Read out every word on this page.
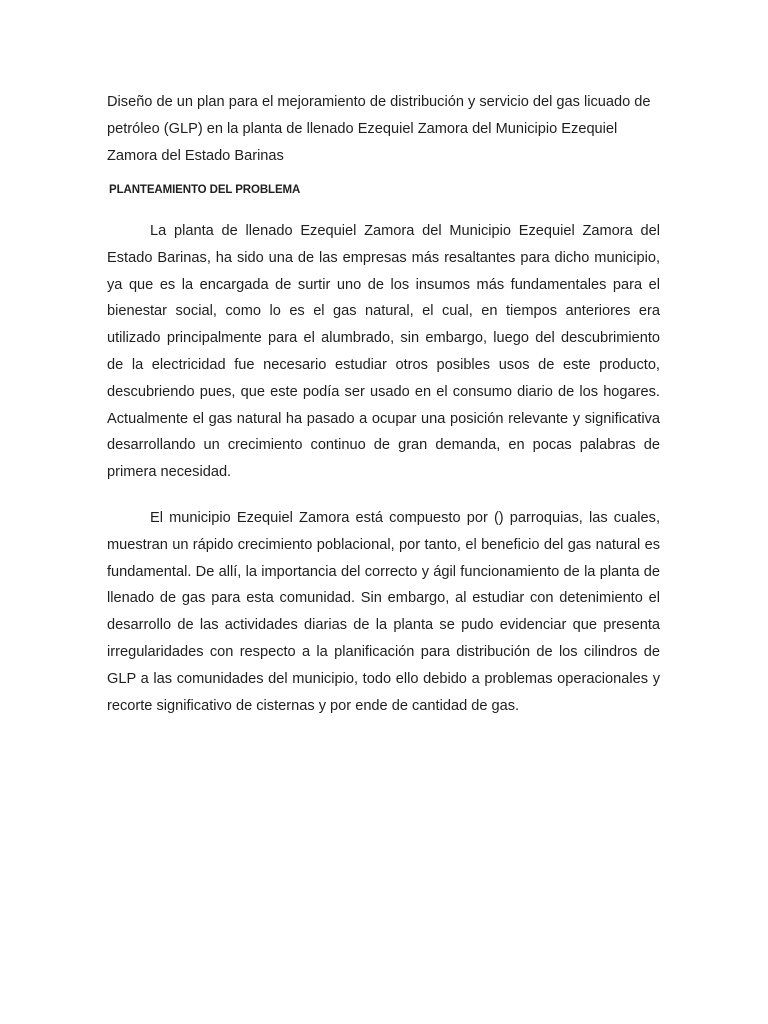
Diseño de un plan para el mejoramiento de distribución y servicio del gas licuado de petróleo (GLP) en la planta de llenado Ezequiel Zamora del Municipio Ezequiel Zamora del Estado Barinas

PLANTEAMIENTO DEL PROBLEMA

La planta de llenado Ezequiel Zamora del Municipio Ezequiel Zamora del Estado Barinas, ha sido una de las empresas más resaltantes para dicho municipio, ya que es la encargada de surtir uno de los insumos más fundamentales para el bienestar social, como lo es el gas natural, el cual, en tiempos anteriores era utilizado principalmente para el alumbrado, sin embargo, luego del descubrimiento de la electricidad fue necesario estudiar otros posibles usos de este producto, descubriendo pues, que este podía ser usado en el consumo diario de los hogares. Actualmente el gas natural ha pasado a ocupar una posición relevante y significativa desarrollando un crecimiento continuo de gran demanda, en pocas palabras de primera necesidad.

El municipio Ezequiel Zamora está compuesto por () parroquias, las cuales, muestran un rápido crecimiento poblacional, por tanto, el beneficio del gas natural es fundamental. De allí, la importancia del correcto y ágil funcionamiento de la planta de llenado de gas para esta comunidad. Sin embargo, al estudiar con detenimiento el desarrollo de las actividades diarias de la planta se pudo evidenciar que presenta irregularidades con respecto a la planificación para distribución de los cilindros de GLP a las comunidades del municipio, todo ello debido a problemas operacionales y recorte significativo de cisternas y por ende de cantidad de gas.
